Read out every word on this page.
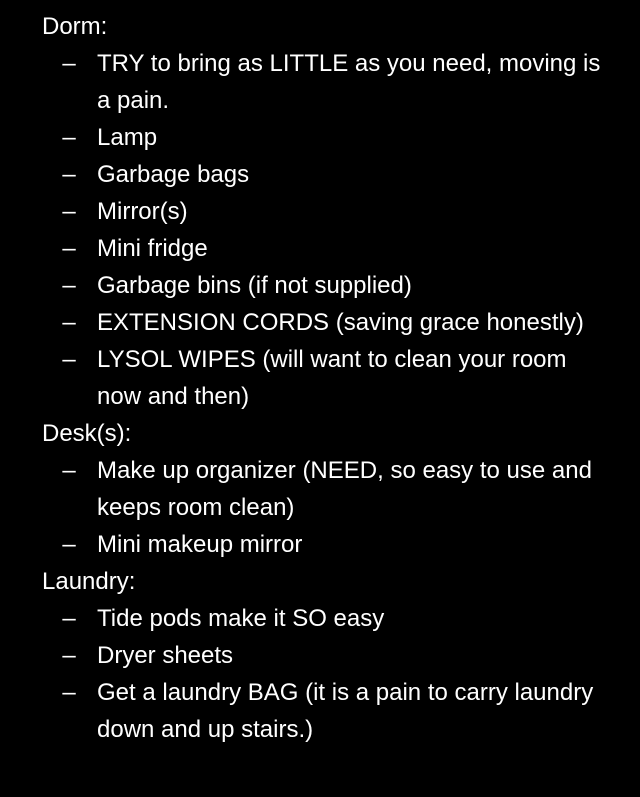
Dorm:
–
TRY to bring as LITTLE as you need, moving is a pain.
–
Lamp
–
Garbage bags
–
Mirror(s)
–
Mini fridge
–
Garbage bins (if not supplied)
–
EXTENSION CORDS (saving grace honestly)
–
LYSOL WIPES (will want to clean your room now and then)
Desk(s):
–
Make up organizer (NEED, so easy to use and keeps room clean)
–
Mini makeup mirror
Laundry:
–
Tide pods make it SO easy
–
Dryer sheets
–
Get a laundry BAG (it is a pain to carry laundry down and up stairs.)
